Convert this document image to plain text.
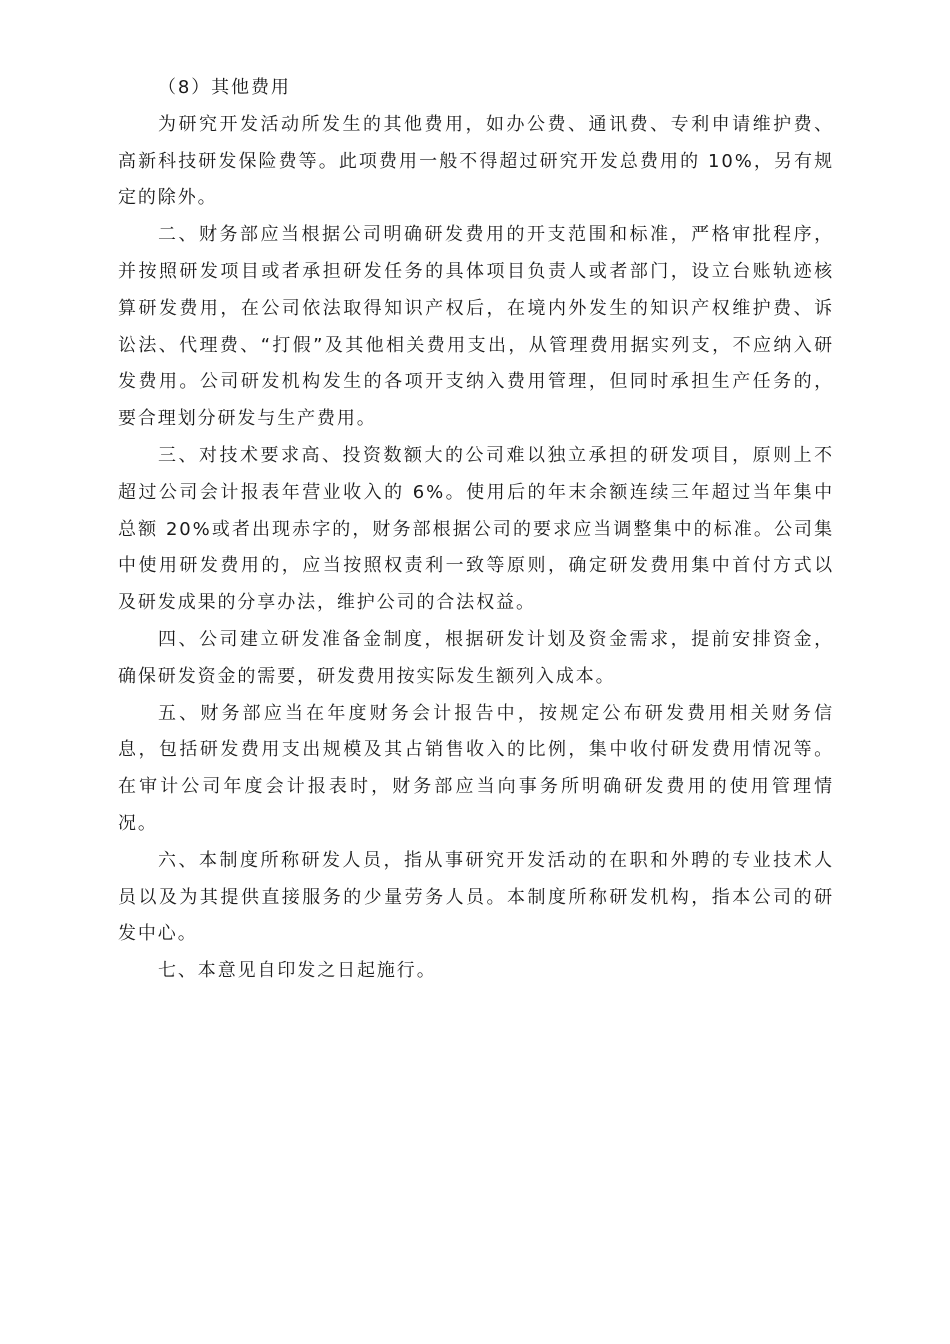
（8）其他费用

为研究开发活动所发生的其他费用，如办公费、通讯费、专利申请维护费、高新科技研发保险费等。此项费用一般不得超过研究开发总费用的 10%，另有规定的除外。

二、财务部应当根据公司明确研发费用的开支范围和标准，严格审批程序，并按照研发项目或者承担研发任务的具体项目负责人或者部门，设立台账轨迹核算研发费用，在公司依法取得知识产权后，在境内外发生的知识产权维护费、诉讼法、代理费、“打假”及其他相关费用支出，从管理费用据实列支，不应纳入研发费用。公司研发机构发生的各项开支纳入费用管理，但同时承担生产任务的，要合理划分研发与生产费用。

三、对技术要求高、投资数额大的公司难以独立承担的研发项目，原则上不超过公司会计报表年营业收入的 6%。使用后的年末余额连续三年超过当年集中总额 20%或者出现赤字的，财务部根据公司的要求应当调整集中的标准。公司集中使用研发费用的，应当按照权责利一致等原则，确定研发费用集中首付方式以及研发成果的分享办法，维护公司的合法权益。

四、公司建立研发准备金制度，根据研发计划及资金需求，提前安排资金，确保研发资金的需要，研发费用按实际发生额列入成本。

五、财务部应当在年度财务会计报告中，按规定公布研发费用相关财务信息，包括研发费用支出规模及其占销售收入的比例，集中收付研发费用情况等。在审计公司年度会计报表时，财务部应当向事务所明确研发费用的使用管理情况。

六、本制度所称研发人员，指从事研究开发活动的在职和外聘的专业技术人员以及为其提供直接服务的少量劳务人员。本制度所称研发机构，指本公司的研发中心。

七、本意见自印发之日起施行。
